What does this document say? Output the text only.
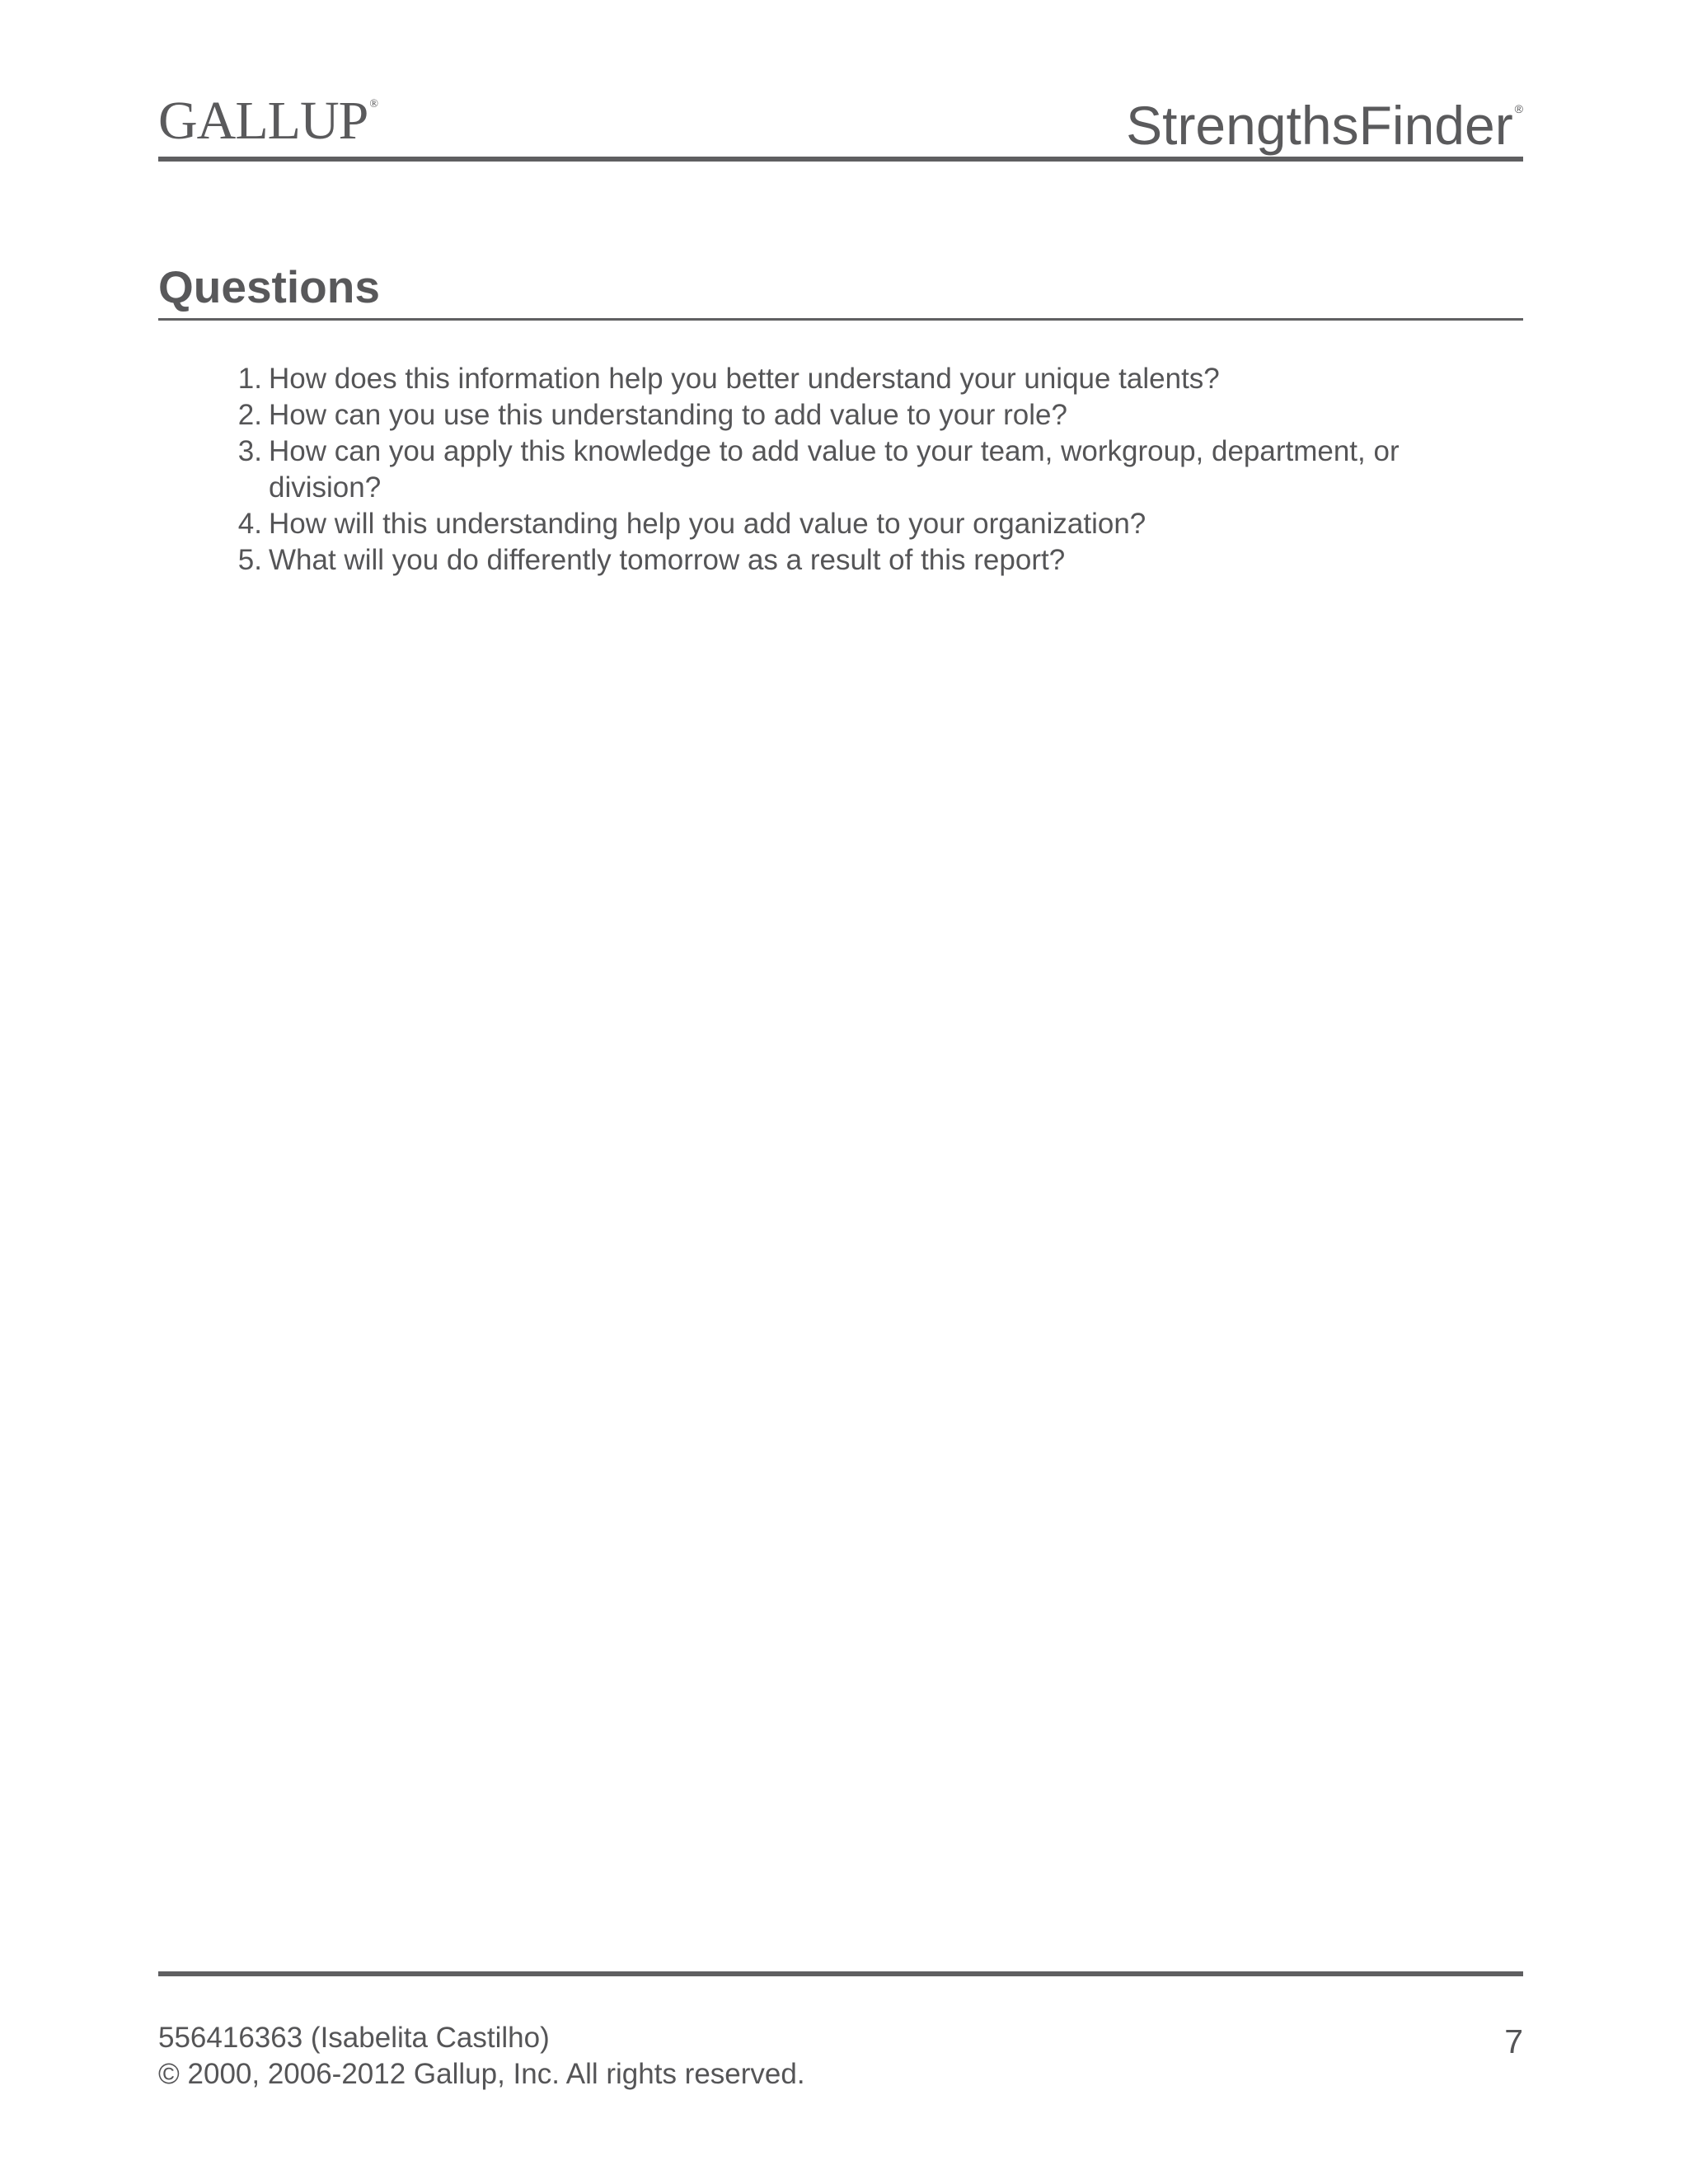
GALLUP ®	StrengthsFinder ®
Questions
1. How does this information help you better understand your unique talents?
2. How can you use this understanding to add value to your role?
3. How can you apply this knowledge to add value to your team, workgroup, department, or division?
4. How will this understanding help you add value to your organization?
5. What will you do differently tomorrow as a result of this report?
556416363 (Isabelita Castilho)
© 2000, 2006-2012 Gallup, Inc. All rights reserved.
7
